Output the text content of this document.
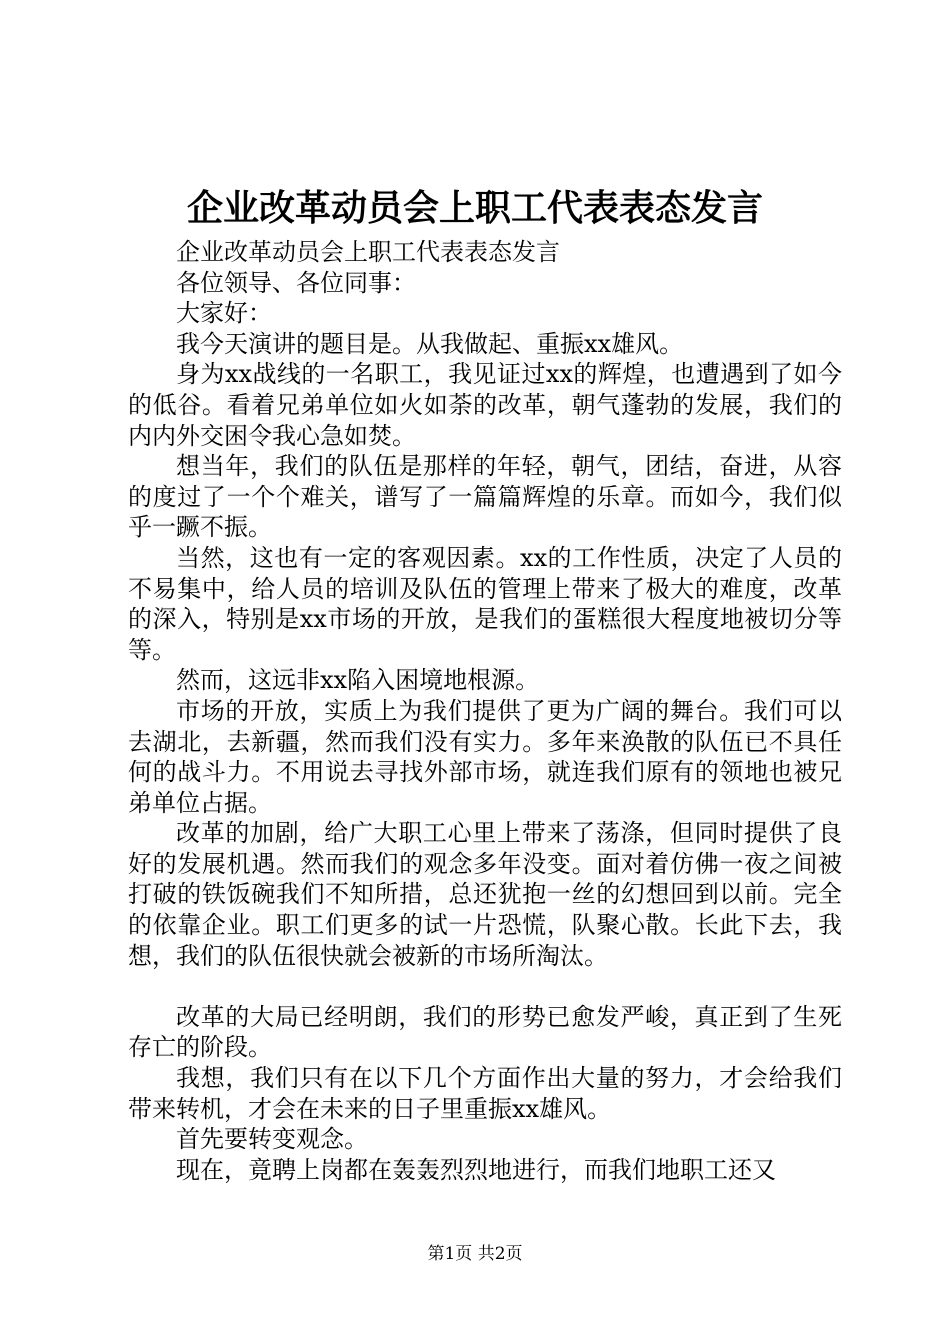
企业改革动员会上职工代表表态发言

企业改革动员会上职工代表表态发言

各位领导、各位同事：

大家好：

我今天演讲的题目是。从我做起、重振xx雄风。

身为xx战线的一名职工，我见证过xx的辉煌，也遭遇到了如今的低谷。看着兄弟单位如火如荼的改革，朝气蓬勃的发展，我们的内内外交困令我心急如焚。

想当年，我们的队伍是那样的年轻，朝气，团结，奋进，从容的度过了一个个难关，谱写了一篇篇辉煌的乐章。而如今，我们似乎一蹶不振。

当然，这也有一定的客观因素。xx的工作性质，决定了人员的不易集中，给人员的培训及队伍的管理上带来了极大的难度，改革的深入，特别是xx市场的开放，是我们的蛋糕很大程度地被切分等等。

然而，这远非xx陷入困境地根源。

市场的开放，实质上为我们提供了更为广阔的舞台。我们可以去湖北，去新疆，然而我们没有实力。多年来涣散的队伍已不具任何的战斗力。不用说去寻找外部市场，就连我们原有的领地也被兄弟单位占据。

改革的加剧，给广大职工心里上带来了荡涤，但同时提供了良好的发展机遇。然而我们的观念多年没变。面对着仿佛一夜之间被打破的铁饭碗我们不知所措，总还犹抱一丝的幻想回到以前。完全的依靠企业。职工们更多的试一片恐慌，队聚心散。长此下去，我想，我们的队伍很快就会被新的市场所淘汰。

改革的大局已经明朗，我们的形势已愈发严峻，真正到了生死存亡的阶段。

我想，我们只有在以下几个方面作出大量的努力，才会给我们带来转机，才会在未来的日子里重振xx雄风。

首先要转变观念。

现在，竟聘上岗都在轰轰烈烈地进行，而我们地职工还又

第1页 共2页
